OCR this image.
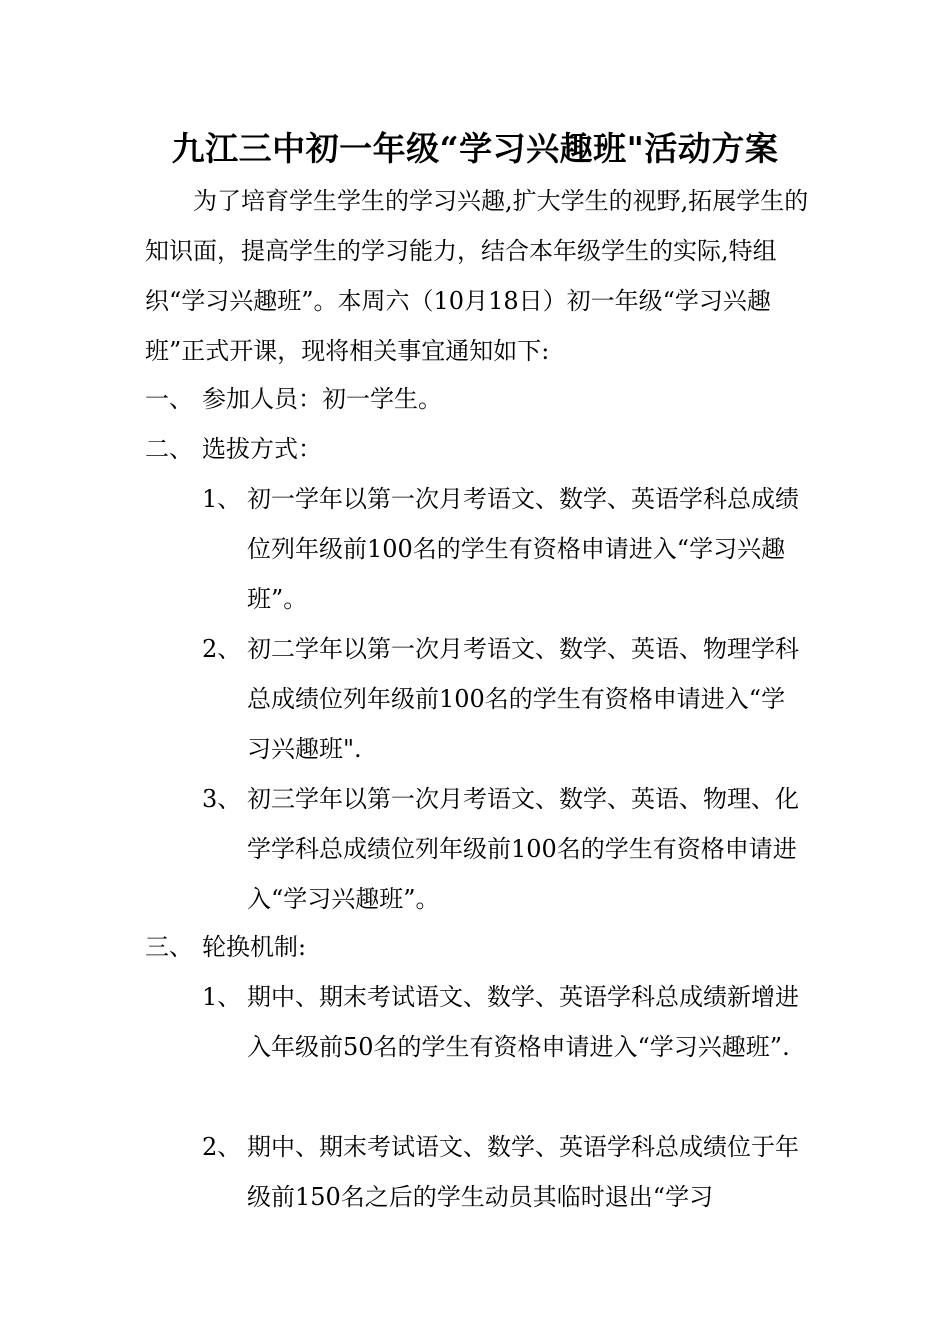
九江三中初一年级“学习兴趣班"活动方案
为了培育学生学生的学习兴趣,扩大学生的视野,拓展学生的知识面，提高学生的学习能力，结合本年级学生的实际,特组织“学习兴趣班”。本周六（10月18日）初一年级“学习兴趣班”正式开课，现将相关事宜通知如下:
一、 参加人员：初一学生。
二、 选拔方式：
1、 初一学年以第一次月考语文、数学、英语学科总成绩位列年级前100名的学生有资格申请进入“学习兴趣班”。
2、 初二学年以第一次月考语文、数学、英语、物理学科总成绩位列年级前100名的学生有资格申请进入“学习兴趣班".
3、 初三学年以第一次月考语文、数学、英语、物理、化学学科总成绩位列年级前100名的学生有资格申请进入“学习兴趣班”。
三、 轮换机制:
1、 期中、期末考试语文、数学、英语学科总成绩新增进入年级前50名的学生有资格申请进入“学习兴趣班”.
2、 期中、期末考试语文、数学、英语学科总成绩位于年级前150名之后的学生动员其临时退出“学习
